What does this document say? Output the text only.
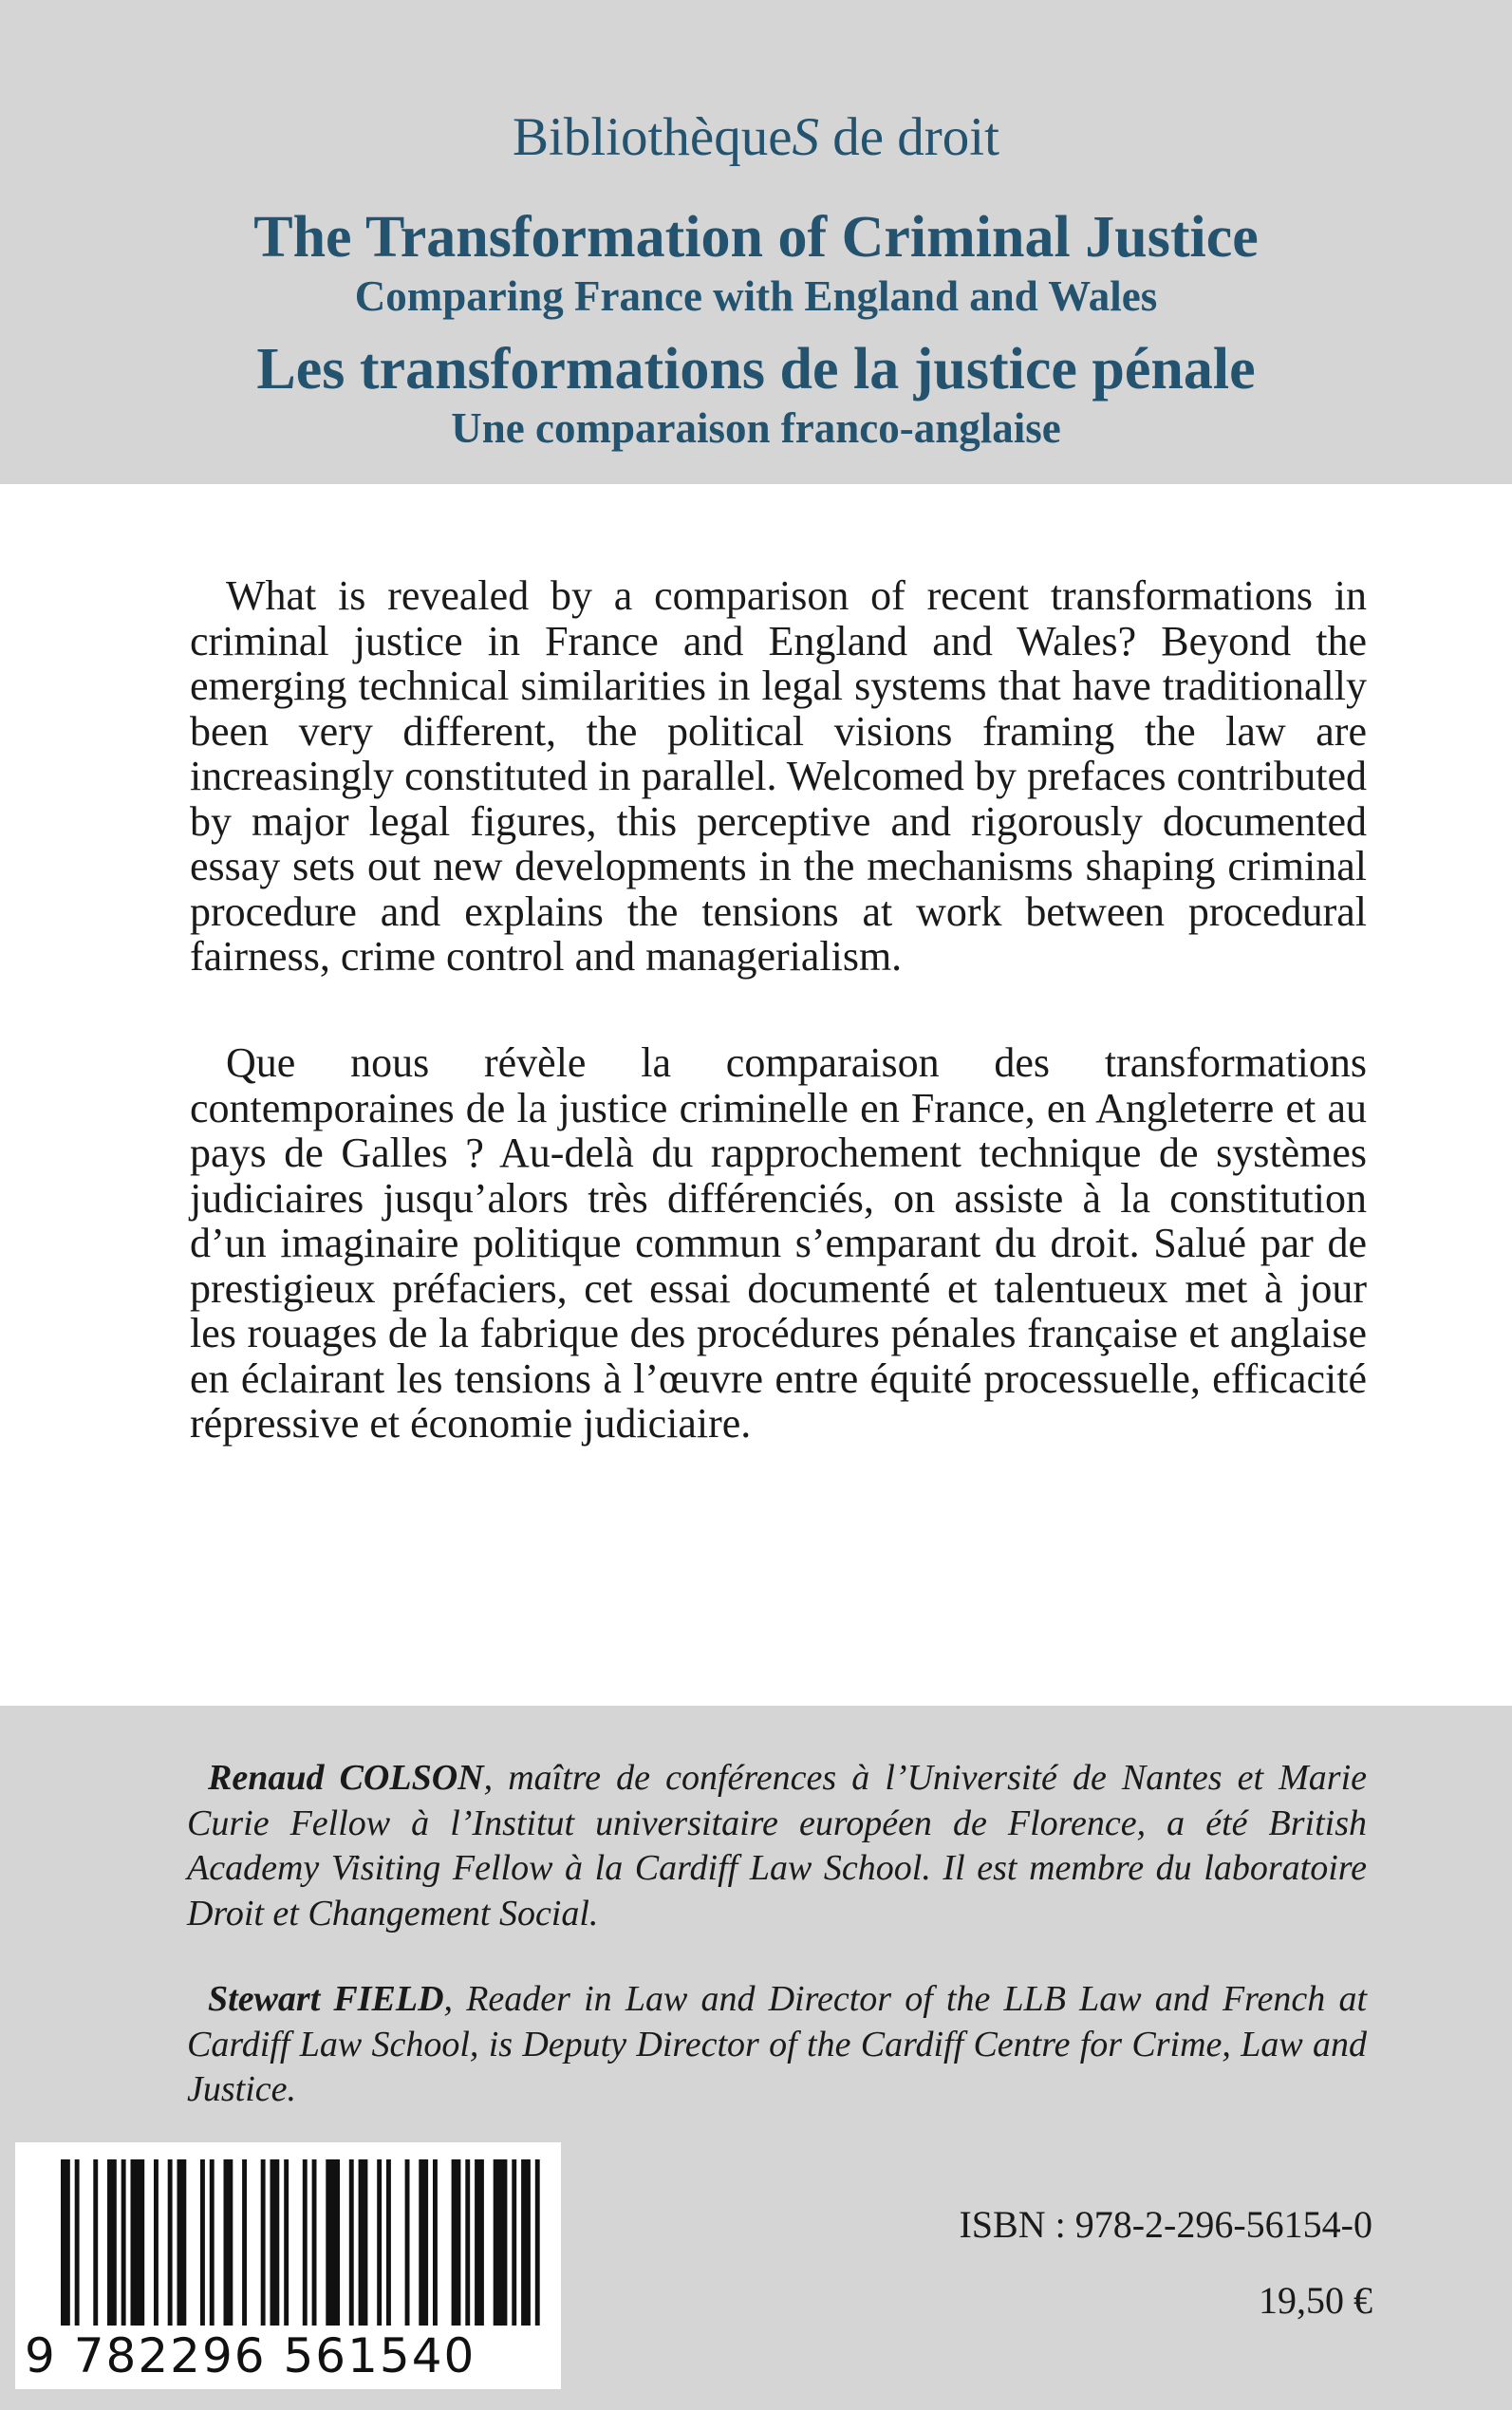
BibliothèqueS de droit
The Transformation of Criminal Justice
Comparing France with England and Wales
Les transformations de la justice pénale
Une comparaison franco-anglaise

What is revealed by a comparison of recent transformations in criminal justice in France and England and Wales? Beyond the emerging technical similarities in legal systems that have traditionally been very different, the political visions framing the law are increasingly constituted in parallel. Welcomed by prefaces contributed by major legal figures, this perceptive and rigorously documented essay sets out new developments in the mechanisms shaping criminal procedure and explains the tensions at work between procedural fairness, crime control and managerialism.

Que nous révèle la comparaison des transformations contemporaines de la justice criminelle en France, en Angleterre et au pays de Galles ? Au-delà du rapprochement technique de systèmes judiciaires jusqu’alors très différenciés, on assiste à la constitution d’un imaginaire politique commun s’emparant du droit. Salué par de prestigieux préfaciers, cet essai documenté et talentueux met à jour les rouages de la fabrique des procédures pénales française et anglaise en éclairant les tensions à l’œuvre entre équité processuelle, efficacité répressive et économie judiciaire.

Renaud COLSON, maître de conférences à l’Université de Nantes et Marie Curie Fellow à l’Institut universitaire européen de Florence, a été British Academy Visiting Fellow à la Cardiff Law School. Il est membre du laboratoire Droit et Changement Social.

Stewart FIELD, Reader in Law and Director of the LLB Law and French at Cardiff Law School, is Deputy Director of the Cardiff Centre for Crime, Law and Justice.

9 782296 561540
ISBN : 978-2-296-56154-0
19,50 €
